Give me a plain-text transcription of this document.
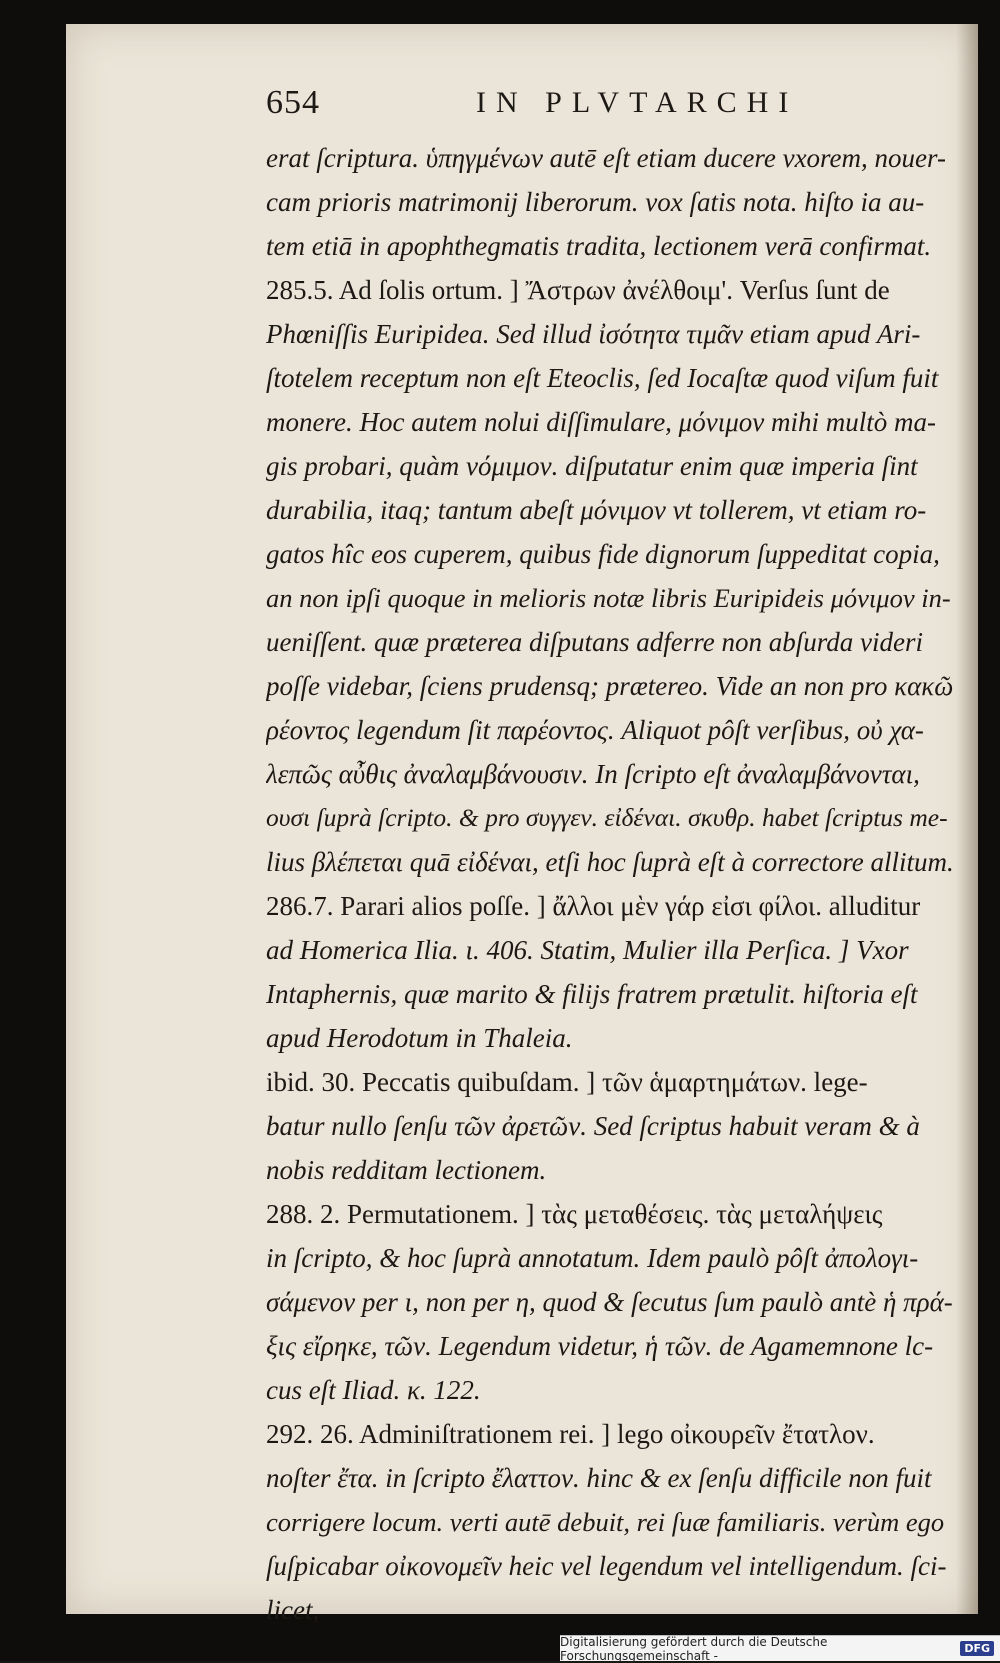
654	IN PLVTARCHI
erat ſcriptura. ὑπηγμένων autē eſt etiam ducere vxorem, nouer-
cam prioris matrimonij liberorum. vox ſatis nota. hiſto ia au-
tem etiā in apophthegmatis tradita, lectionem verā confirmat.
285.5. Ad ſolis ortum. ] Ἄστρων ἀνέλθοιμ'. Verſus ſunt de
Phœniſſis Euripidea. Sed illud ἰσότητα τιμᾶν etiam apud Ari-
ſtotelem receptum non eſt Eteoclis, ſed Iocaſtæ quod viſum fuit
monere. Hoc autem nolui diſſimulare, μόνιμον mihi multò ma-
gis probari, quàm νόμιμον. diſputatur enim quæ imperia ſint
durabilia, itaq; tantum abeſt μόνιμον vt tollerem, vt etiam ro-
gatos hîc eos cuperem, quibus fide dignorum ſuppeditat copia,
an non ipſi quoque in melioris notæ libris Euripideis μόνιμον in-
ueniſſent. quæ præterea diſputans adferre non abſurda videri
poſſe videbar, ſciens prudensq; prætereo. Vide an non pro κακῶ
ρέοντος legendum ſit παρέοντος. Aliquot pôſt verſibus, οὐ χα-
λεπῶς αὖθις ἀναλαμβάνουσιν. In ſcripto eſt ἀναλαμβάνονται,
ουσι ſuprà ſcripto. & pro συγγεν. εἰδέναι. σκυθρ. habet ſcriptus me-
lius βλέπεται quā εἰδέναι, etſi hoc ſuprà eſt à correctore allitum.
286.7. Parari alios poſſe. ] ἄλλοι μὲν γάρ εἰσι φίλοι. alluditur
ad Homerica Ilia. ι. 406. Statim, Mulier illa Perſica. ] Vxor
Intaphernis, quæ marito & filijs fratrem prætulit. hiſtoria eſt
apud Herodotum in Thaleia.
ibid. 30. Peccatis quibuſdam. ] τῶν ἁμαρτημάτων. lege-
batur nullo ſenſu τῶν ἀρετῶν. Sed ſcriptus habuit veram & à
nobis redditam lectionem.
288. 2. Permutationem. ] τὰς μεταθέσεις. τὰς μεταλήψεις
in ſcripto, & hoc ſuprà annotatum. Idem paulò pôſt ἀπολογι-
σάμενον per ι, non per η, quod & ſecutus ſum paulò antè ἡ πρά-
ξις εἴρηκε, τῶν. Legendum videtur, ἡ τῶν. de Agamemnone lc-
cus eſt Iliad. κ. 122.
292. 26. Adminiſtrationem rei. ] lego οἰκουρεῖν ἔτατλον.
noſter ἔτα. in ſcripto ἔλαττον. hinc & ex ſenſu difficile non fuit
corrigere locum. verti autē debuit, rei ſuæ familiaris. verùm ego
ſuſpicabar οἰκονομεῖν heic vel legendum vel intelligendum. ſci-
licet,
Digitalisierung gefördert durch die Deutsche Forschungsgemeinschaft -	DFG
